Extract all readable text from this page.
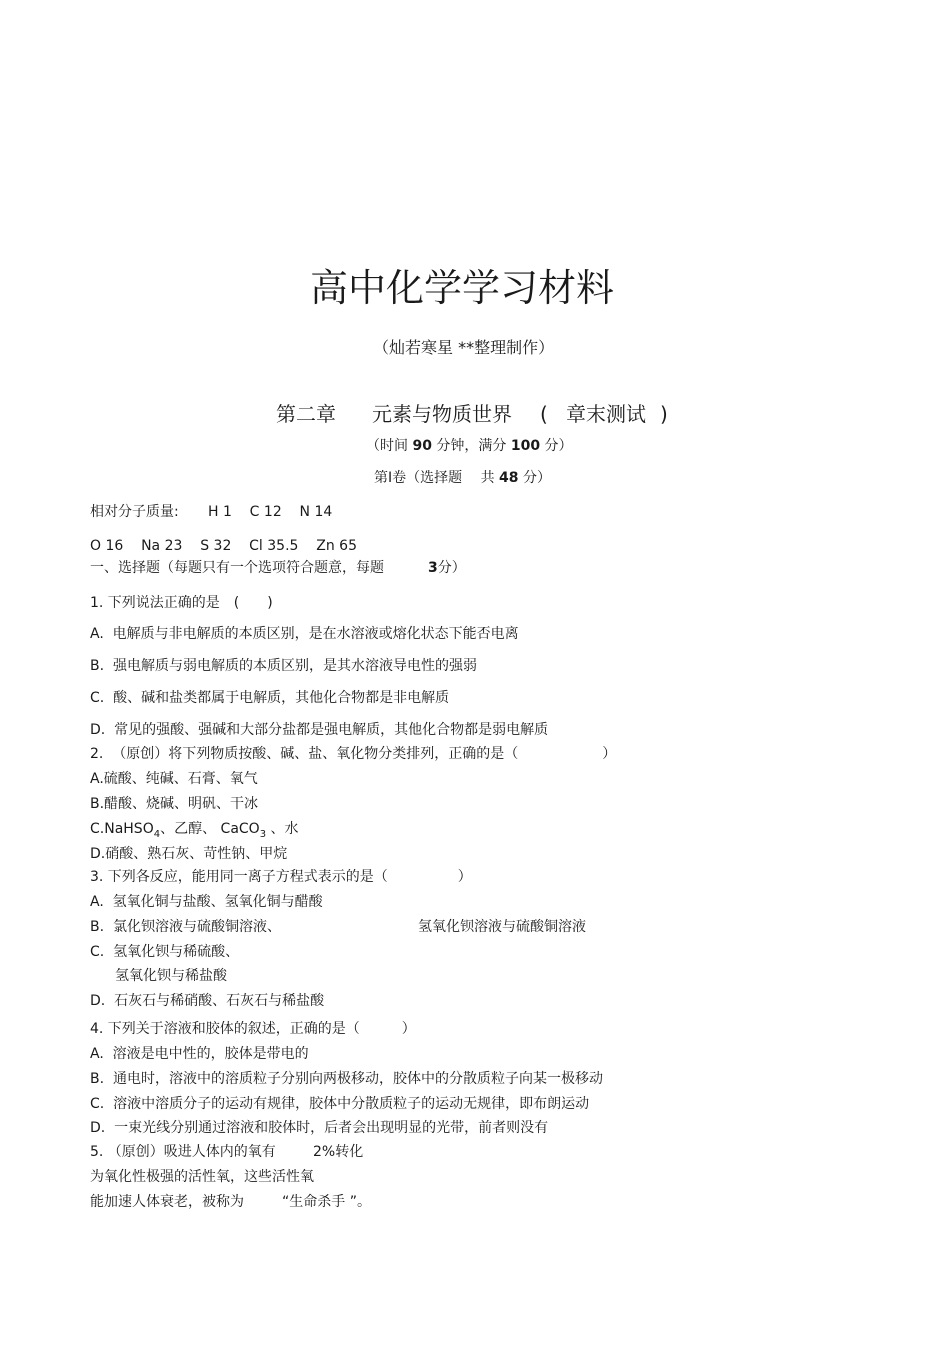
高中化学学习材料
（灿若寒星 **整理制作）
第二章 元素与物质世界 ( 章末测试 )
（时间 90 分钟，满分 100 分）
第Ⅰ卷（选择题　 共 48 分）
相对分子质量: H 1    C 12    N 14
O 16    Na 23    S 32    Cl 35.5    Zn 65
一、选择题（每题只有一个选项符合题意，每题	3分）
1. 下列说法正确的是　(　　)
A.  电解质与非电解质的本质区别，是在水溶液或熔化状态下能否电离
B.  强电解质与弱电解质的本质区别，是其水溶液导电性的强弱
C.  酸、碱和盐类都属于电解质，其他化合物都是非电解质
D.  常见的强酸、强碱和大部分盐都是强电解质，其他化合物都是弱电解质
2.  （原创）将下列物质按酸、碱、盐、氧化物分类排列，正确的是（　　　　　　）
A.硫酸、纯碱、石膏、氧气
B.醋酸、烧碱、明矾、干冰
C.NaHSO$_4$、乙醇、 CaCO$_3$ 、水
D.硝酸、熟石灰、苛性钠、甲烷
3. 下列各反应，能用同一离子方程式表示的是（　　　　　）
A.  氢氧化铜与盐酸、氢氧化铜与醋酸
B.  氯化钡溶液与硫酸铜溶液、	氢氧化钡溶液与硫酸铜溶液
C.  氢氧化钡与稀硫酸、
氢氧化钡与稀盐酸
D.  石灰石与稀硝酸、石灰石与稀盐酸
4. 下列关于溶液和胶体的叙述，正确的是（　　　）
A.  溶液是电中性的，胶体是带电的
B.  通电时，溶液中的溶质粒子分别向两极移动，胶体中的分散质粒子向某一极移动
C.  溶液中溶质分子的运动有规律，胶体中分散质粒子的运动无规律，即布朗运动
D.  一束光线分别通过溶液和胶体时，后者会出现明显的光带，前者则没有
5. （原创）吸进人体内的氧有	2%转化
为氧化性极强的活性氧，这些活性氧
能加速人体衰老，被称为	“生命杀手 ”。
